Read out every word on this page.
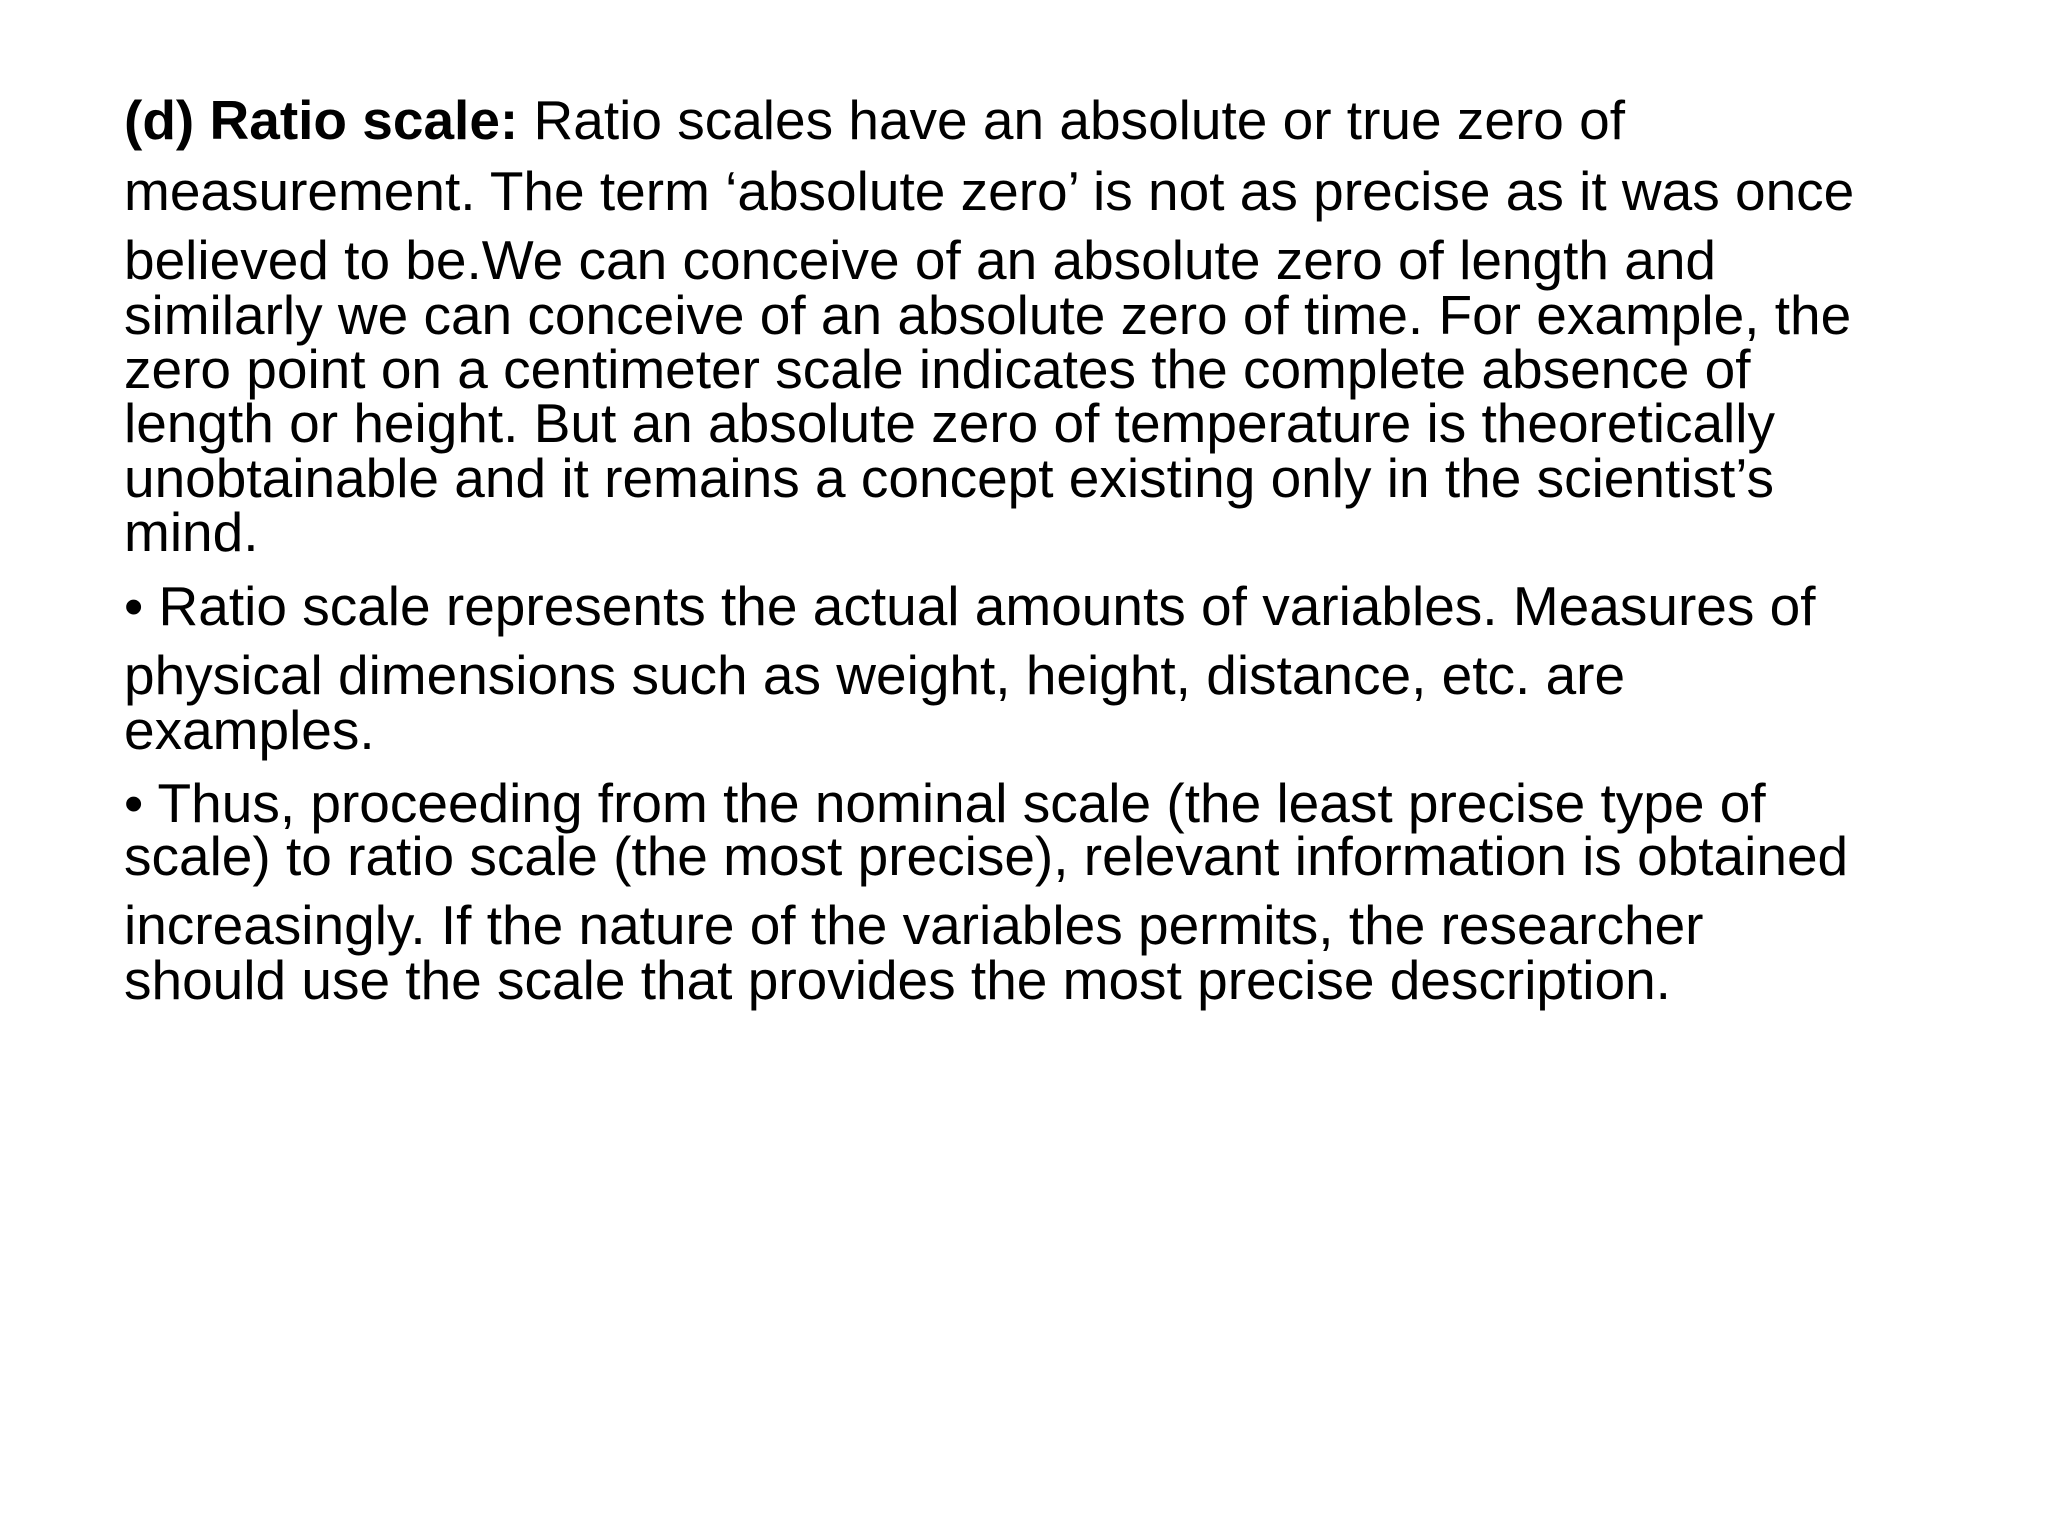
(d) Ratio scale: Ratio scales have an absolute or true zero of
measurement. The term ‘absolute zero’ is not as precise as it was once
believed to be.We can conceive of an absolute zero of length and
similarly we can conceive of an absolute zero of time. For example, the
zero point on a centimeter scale indicates the complete absence of
length or height. But an absolute zero of temperature is theoretically
unobtainable and it remains a concept existing only in the scientist’s
mind.
• Ratio scale represents the actual amounts of variables. Measures of
physical dimensions such as weight, height, distance, etc. are
examples.
• Thus, proceeding from the nominal scale (the least precise type of
scale) to ratio scale (the most precise), relevant information is obtained
increasingly. If the nature of the variables permits, the researcher
should use the scale that provides the most precise description.
